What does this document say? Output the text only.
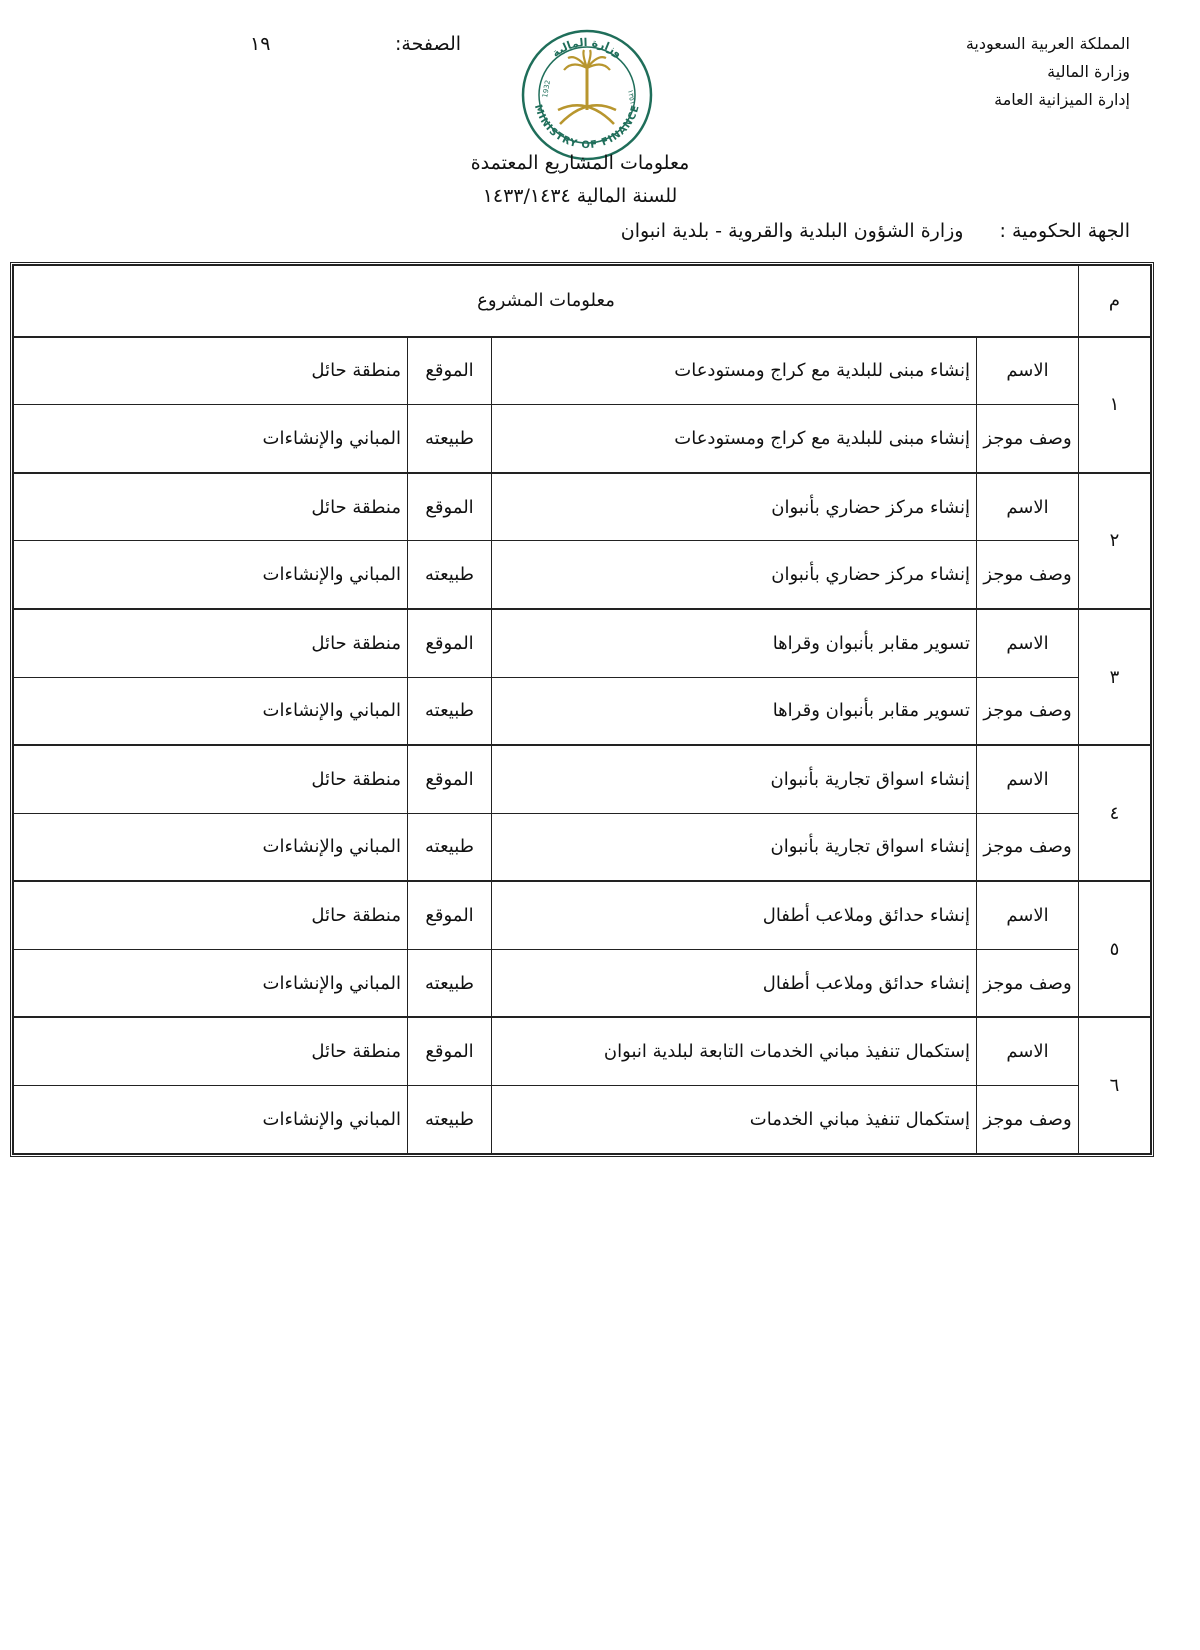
المملكة العربية السعودية
وزارة المالية
إدارة الميزانية العامة
الصفحة:
١٩	وزارة المالية
MINISTRY OF FINANCE
1932	١٣٥١
معلومات المشاريع المعتمدة
للسنة المالية ١٤٣٣/١٤٣٤
الجهة الحكومية : وزارة الشؤون البلدية والقروية - بلدية انبوان
م	معلومات المشروع			
١	الاسم	إنشاء مبنى للبلدية مع كراج ومستودعات	الموقع	منطقة حائل
	وصف موجز	إنشاء مبنى للبلدية مع كراج ومستودعات	طبيعته	المباني والإنشاءات
٢	الاسم	إنشاء مركز حضاري بأنبوان	الموقع	منطقة حائل
	وصف موجز	إنشاء مركز حضاري بأنبوان	طبيعته	المباني والإنشاءات
٣	الاسم	تسوير مقابر بأنبوان وقراها	الموقع	منطقة حائل
	وصف موجز	تسوير مقابر بأنبوان وقراها	طبيعته	المباني والإنشاءات
٤	الاسم	إنشاء اسواق تجارية بأنبوان	الموقع	منطقة حائل
	وصف موجز	إنشاء اسواق تجارية بأنبوان	طبيعته	المباني والإنشاءات
٥	الاسم	إنشاء حدائق وملاعب أطفال	الموقع	منطقة حائل
	وصف موجز	إنشاء حدائق وملاعب أطفال	طبيعته	المباني والإنشاءات
٦	الاسم	إستكمال تنفيذ مباني الخدمات التابعة لبلدية انبوان	الموقع	منطقة حائل
	وصف موجز	إستكمال تنفيذ مباني الخدمات	طبيعته	المباني والإنشاءات
